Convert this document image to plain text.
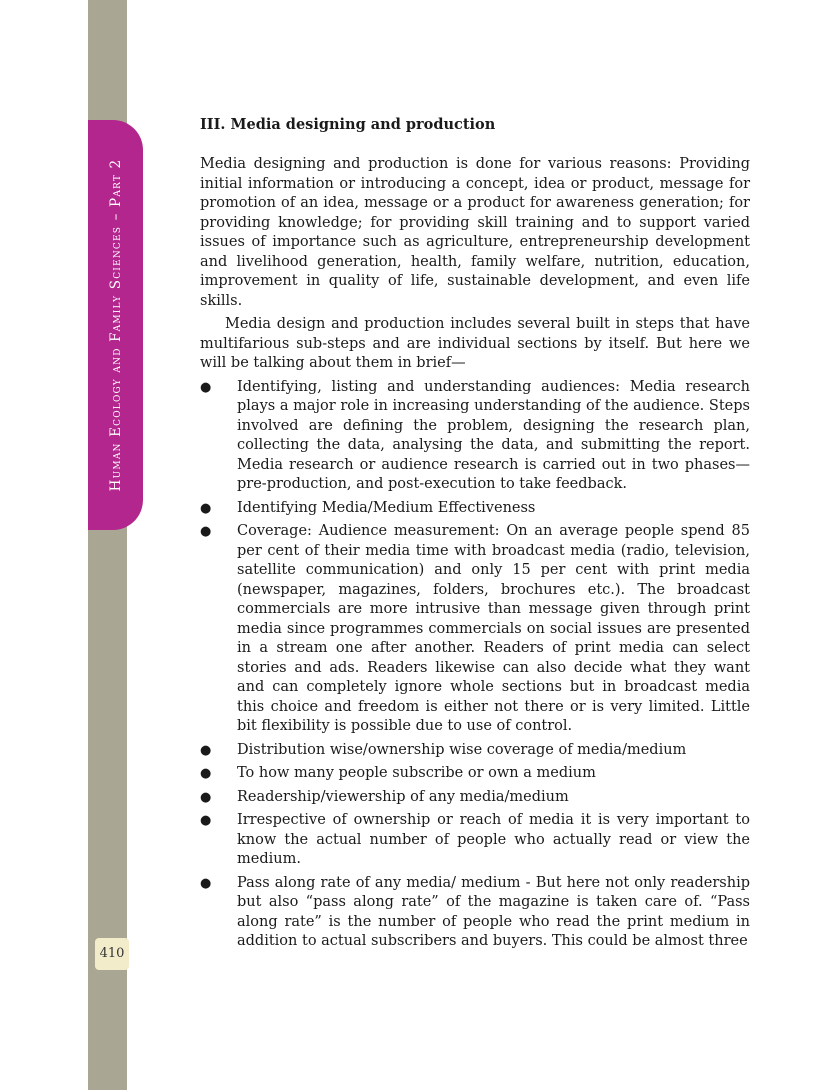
Human Ecology and Family Sciences – Part 2
410
III. Media designing and production

Media designing and production is done for various reasons: Providing initial information or introducing a concept, idea or product, message for promotion of an idea, message or a product for awareness generation; for providing knowledge; for providing skill training and to support varied issues of importance such as agriculture, entrepreneurship development and livelihood generation, health, family welfare, nutrition, education, improvement in quality of life, sustainable development, and even life skills.

Media design and production includes several built in steps that have multifarious sub-steps and are individual sections by itself. But here we will be talking about them in brief—

● Identifying, listing and understanding audiences: Media research plays a major role in increasing understanding of the audience. Steps involved are defining the problem, designing the research plan, collecting the data, analysing the data, and submitting the report. Media research or audience research is carried out in two phases—pre-production, and post-execution to take feedback.
● Identifying Media/Medium Effectiveness
● Coverage: Audience measurement: On an average people spend 85 per cent of their media time with broadcast media (radio, television, satellite communication) and only 15 per cent with print media (newspaper, magazines, folders, brochures etc.). The broadcast commercials are more intrusive than message given through print media since programmes commercials on social issues are presented in a stream one after another. Readers of print media can select stories and ads. Readers likewise can also decide what they want and can completely ignore whole sections but in broadcast media this choice and freedom is either not there or is very limited. Little bit flexibility is possible due to use of control.
● Distribution wise/ownership wise coverage of media/medium
● To how many people subscribe or own a medium
● Readership/viewership of any media/medium
● Irrespective of ownership or reach of media it is very important to know the actual number of people who actually read or view the medium.
● Pass along rate of any media/ medium - But here not only readership but also “pass along rate” of the magazine is taken care of. “Pass along rate” is the number of people who read the print medium in addition to actual subscribers and buyers. This could be almost three
